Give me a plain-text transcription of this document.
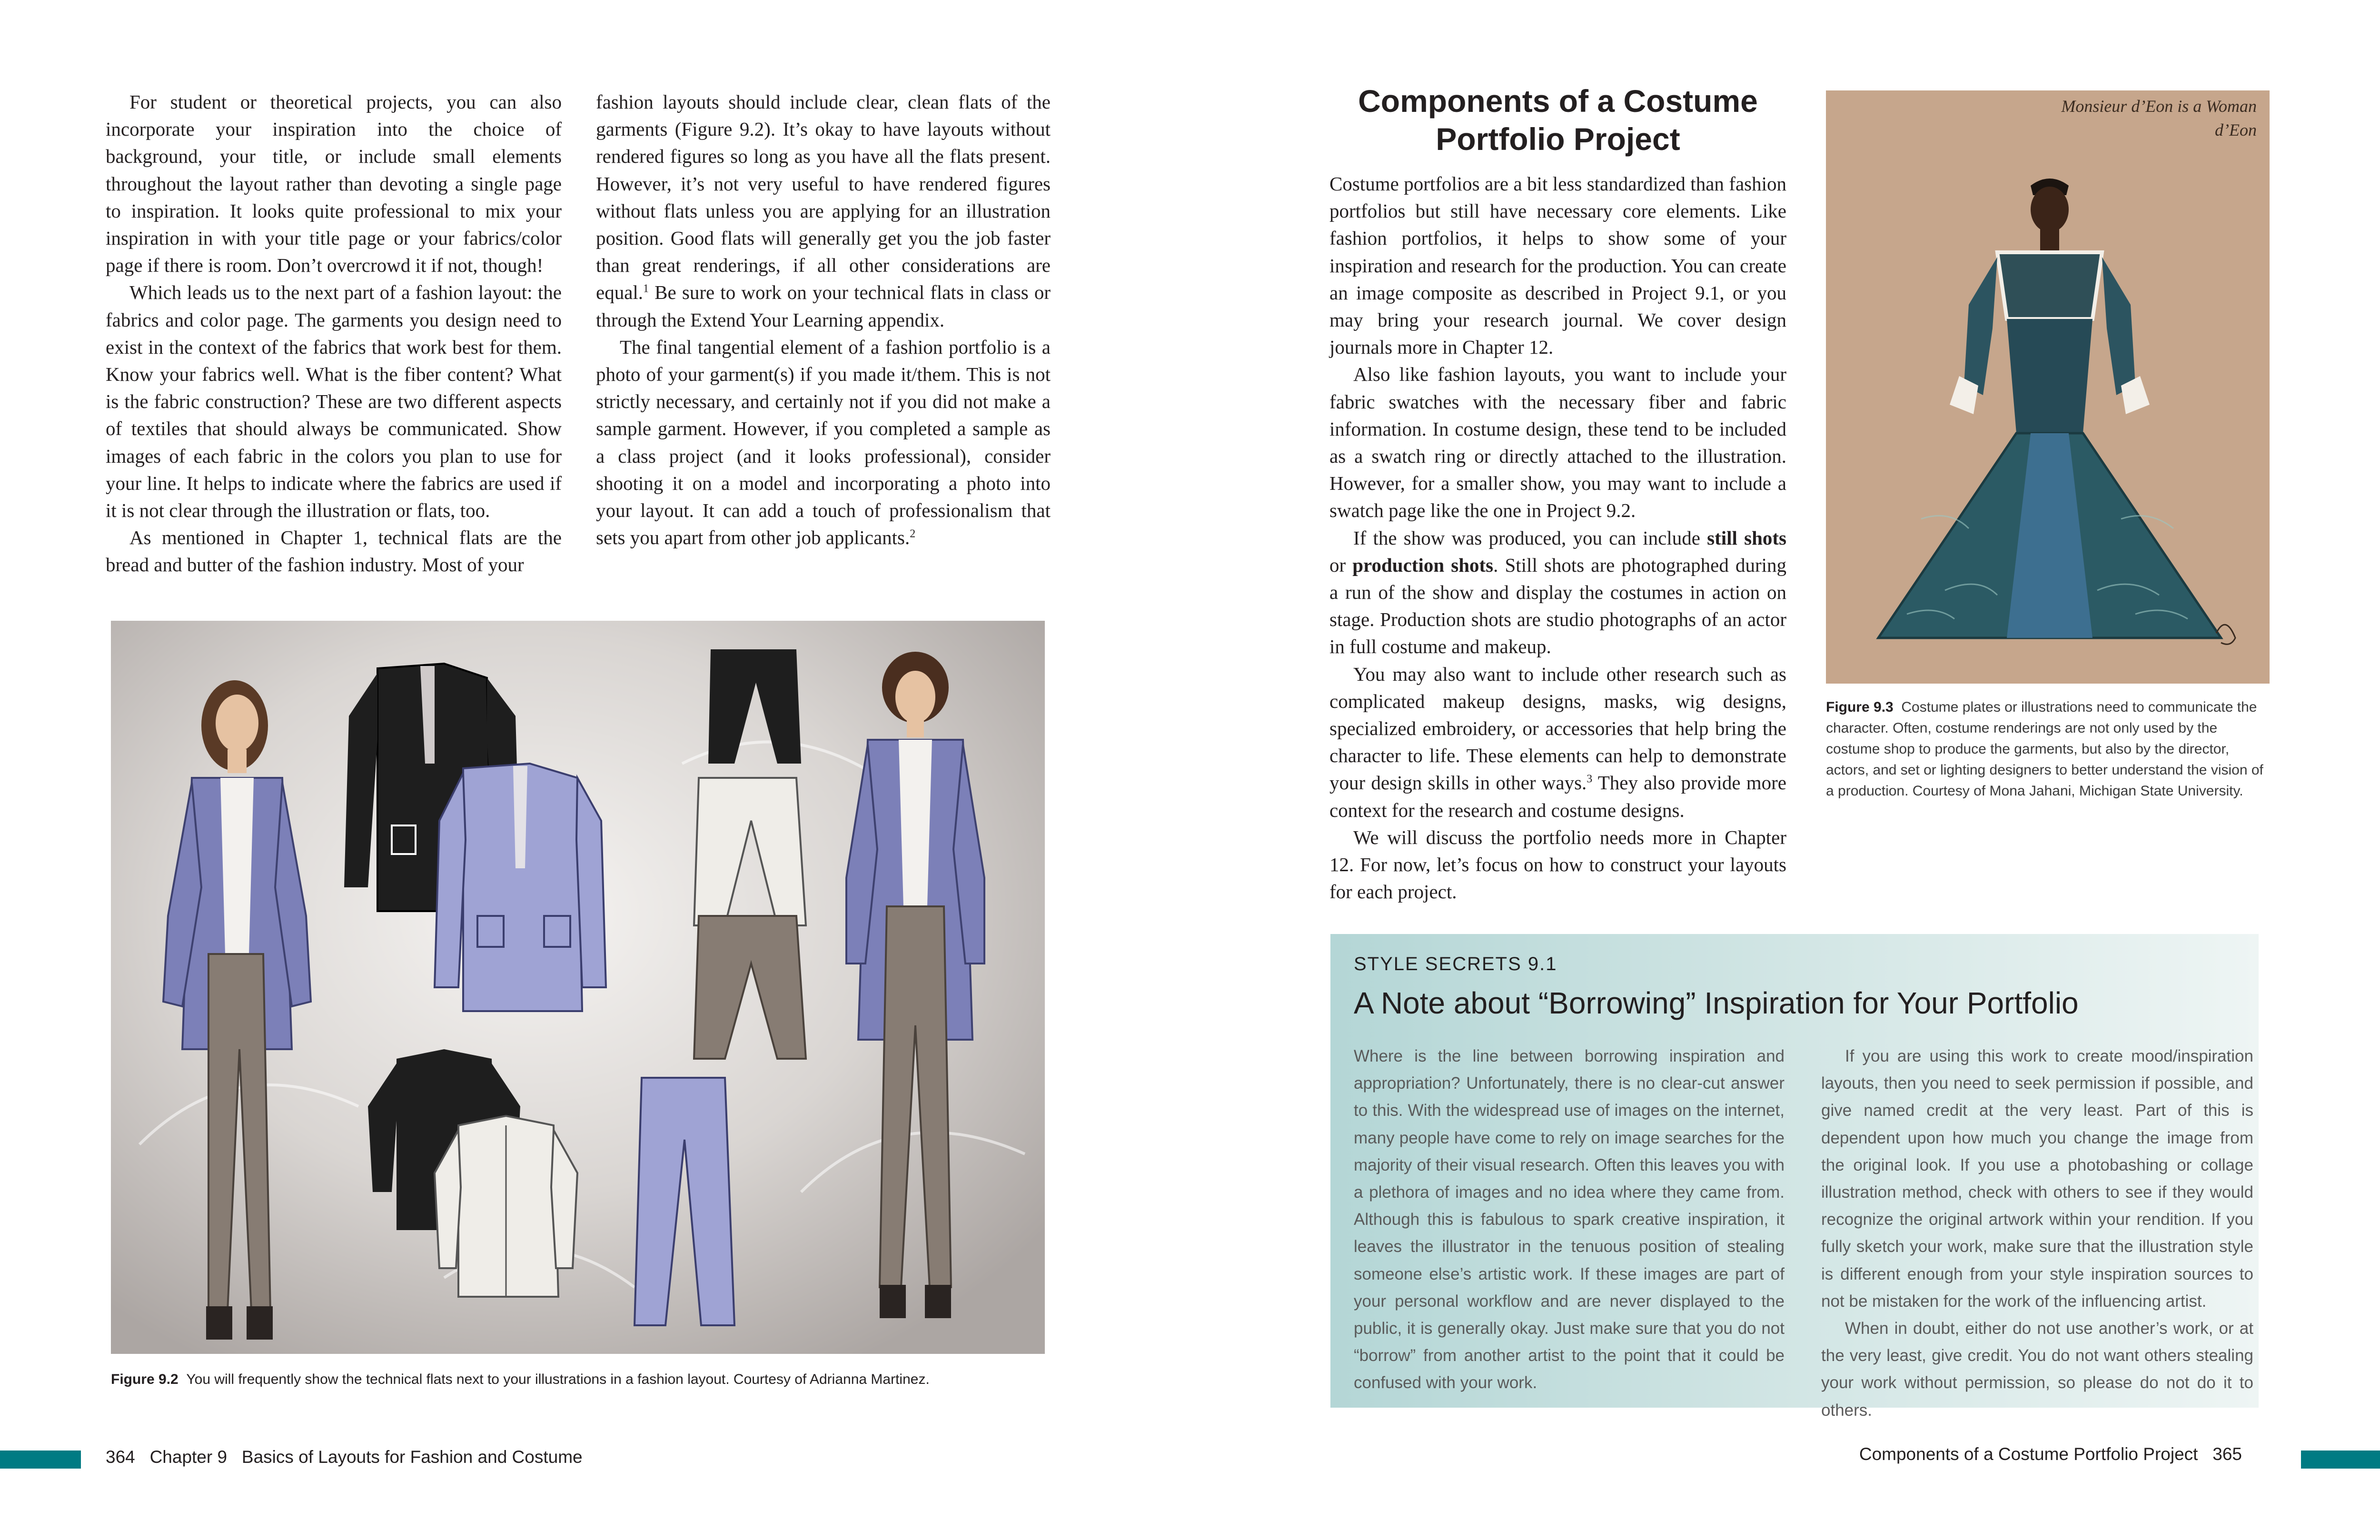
For student or theoretical projects, you can also incorporate your inspiration into the choice of background, your title, or include small elements throughout the layout rather than devoting a single page to inspiration. It looks quite professional to mix your inspiration in with your title page or your fabrics/color page if there is room. Don’t overcrowd it if not, though!

Which leads us to the next part of a fashion layout: the fabrics and color page. The garments you design need to exist in the context of the fabrics that work best for them. Know your fabrics well. What is the fiber content? What is the fabric construction? These are two different aspects of textiles that should always be communicated. Show images of each fabric in the colors you plan to use for your line. It helps to indicate where the fabrics are used if it is not clear through the illustration or flats, too.

As mentioned in Chapter 1, technical flats are the bread and butter of the fashion industry. Most of your

fashion layouts should include clear, clean flats of the garments (Figure 9.2). It’s okay to have layouts without rendered figures so long as you have all the flats present. However, it’s not very useful to have rendered figures without flats unless you are applying for an illustration position. Good flats will generally get you the job faster than great renderings, if all other considerations are equal.$^1$ Be sure to work on your technical flats in class or through the Extend Your Learning appendix.

The final tangential element of a fashion portfolio is a photo of your garment(s) if you made it/them. This is not strictly necessary, and certainly not if you did not make a sample garment. However, if you completed a sample as a class project (and it looks professional), consider shooting it on a model and incorporating a photo into your layout. It can add a touch of professionalism that sets you apart from other job applicants.$^2$

Figure 9.2 You will frequently show the technical flats next to your illustrations in a fashion layout. Courtesy of Adrianna Martinez.
364   Chapter 9   Basics of Layouts for Fashion and Costume
Components of a Costume
Portfolio Project

Costume portfolios are a bit less standardized than fashion portfolios but still have necessary core elements. Like fashion portfolios, it helps to show some of your inspiration and research for the production. You can create an image composite as described in Project 9.1, or you may bring your research journal. We cover design journals more in Chapter 12.

Also like fashion layouts, you want to include your fabric swatches with the necessary fiber and fabric information. In costume design, these tend to be included as a swatch ring or directly attached to the illustration. However, for a smaller show, you may want to include a swatch page like the one in Project 9.2.

If the show was produced, you can include still shots or production shots. Still shots are photographed during a run of the show and display the costumes in action on stage. Production shots are studio photographs of an actor in full costume and makeup.

You may also want to include other research such as complicated makeup designs, masks, wig designs, specialized embroidery, or accessories that help bring the character to life. These elements can help to demonstrate your design skills in other ways.$^3$ They also provide more context for the research and costume designs.

We will discuss the portfolio needs more in Chapter 12. For now, let’s focus on how to construct your layouts for each project.

Monsieur d’Eon is a Woman
d’Eon
Figure 9.3 Costume plates or illustrations need to communicate the character. Often, costume renderings are not only used by the costume shop to produce the garments, but also by the director, actors, and set or lighting designers to better understand the vision of a production. Courtesy of Mona Jahani, Michigan State University.
STYLE SECRETS 9.1
A Note about “Borrowing” Inspiration for Your Portfolio

Where is the line between borrowing inspiration and appropriation? Unfortunately, there is no clear-cut answer to this. With the widespread use of images on the internet, many people have come to rely on image searches for the majority of their visual research. Often this leaves you with a plethora of images and no idea where they came from. Although this is fabulous to spark creative inspiration, it leaves the illustrator in the tenuous position of stealing someone else’s artistic work. If these images are part of your personal workflow and are never displayed to the public, it is generally okay. Just make sure that you do not “borrow” from another artist to the point that it could be confused with your work.

If you are using this work to create mood/inspiration layouts, then you need to seek permission if possible, and give named credit at the very least. Part of this is dependent upon how much you change the image from the original look. If you use a photobashing or collage illustration method, check with others to see if they would recognize the original artwork within your rendition. If you fully sketch your work, make sure that the illustration style is different enough from your style inspiration sources to not be mistaken for the work of the influencing artist.

When in doubt, either do not use another’s work, or at the very least, give credit. You do not want others stealing your work without permission, so please do not do it to others.

Components of a Costume Portfolio Project   365
